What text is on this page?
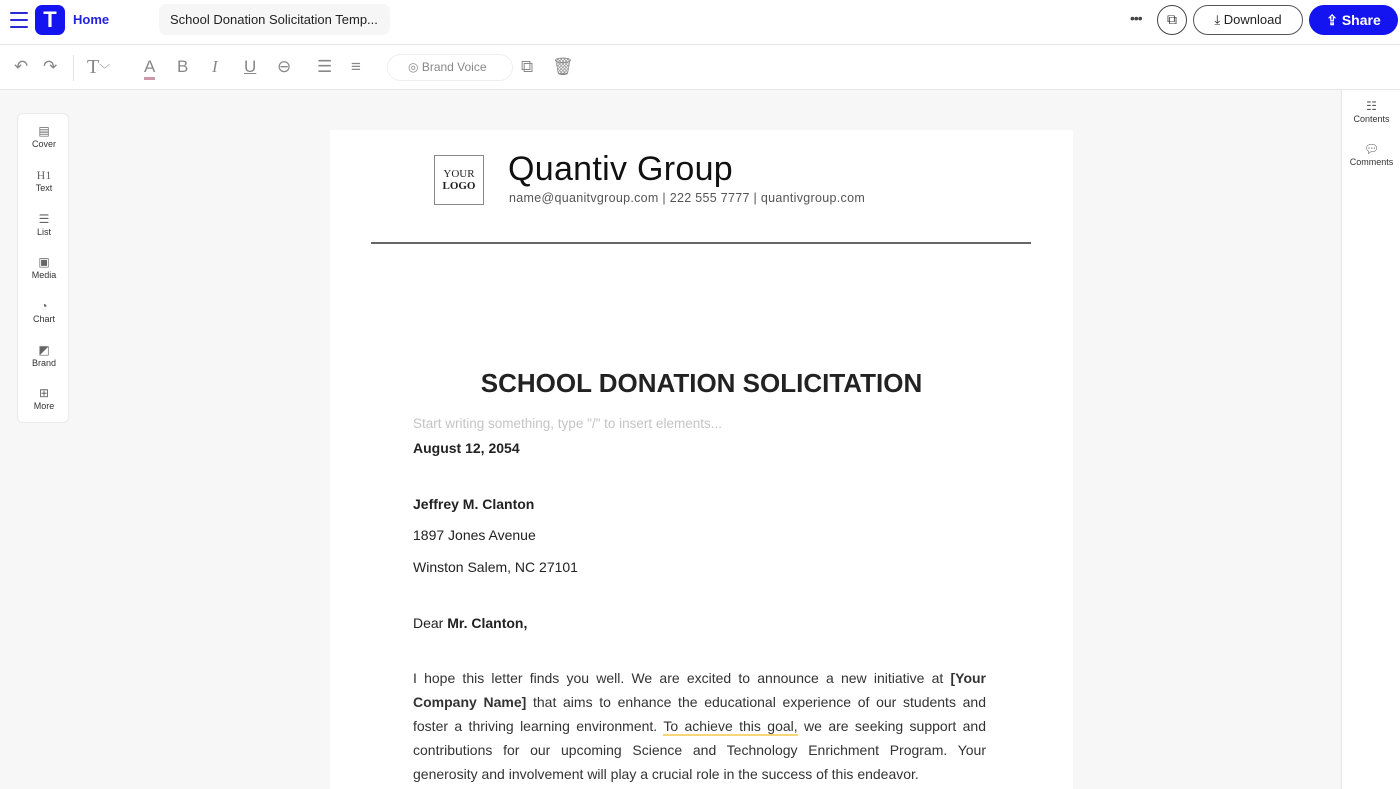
T	Home	School Donation Solicitation Temp...	•••	⧉	⤓ Download	⇪ Share
↶ ↷ T﹀ A B I U ⊖ ☰ ≡	◎ Brand Voice	⧉ 🗑
▤
Cover
H1
Text
☰
List
▣
Media
◔
Chart
◩
Brand
⊞
More
☷
Contents
💬︎
Comments
YOUR
LOGO Quantiv Group
name@quanitvgroup.com | 222 555 7777 | quantivgroup.com
SCHOOL DONATION SOLICITATION
Start writing something, type "/" to insert elements...
August 12, 2054
Jeffrey M. Clanton
1897 Jones Avenue
Winston Salem, NC 27101
Dear Mr. Clanton,
I hope this letter finds you well. We are excited to announce a new initiative at [Your Company Name] that aims to enhance the educational experience of our students and foster a thriving learning environment. To achieve this goal, we are seeking support and contributions for our upcoming Science and Technology Enrichment Program. Your generosity and involvement will play a crucial role in the success of this endeavor.
